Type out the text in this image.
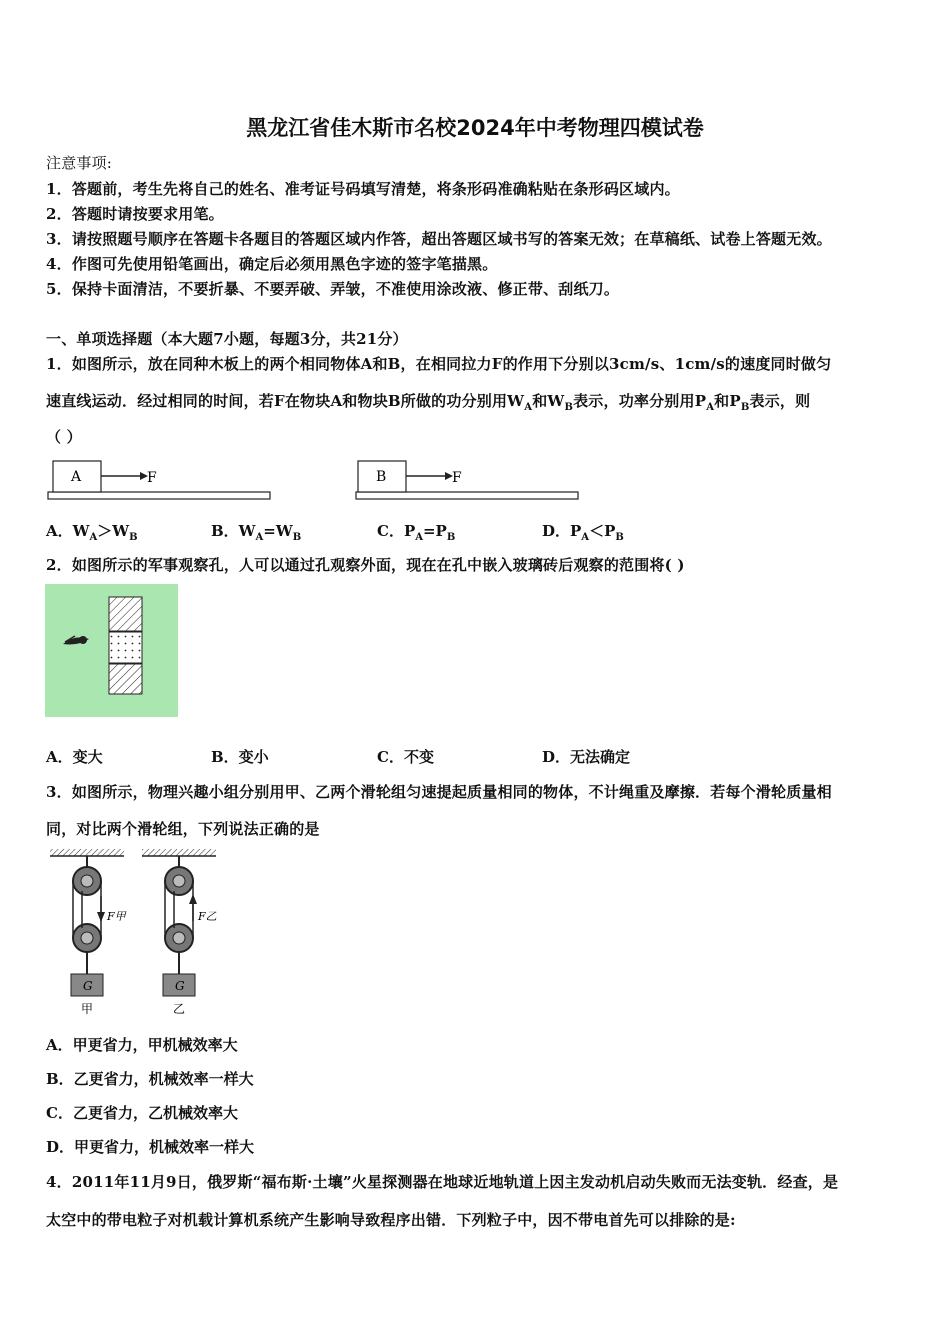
黑龙江省佳木斯市名校2024年中考物理四模试卷
注意事项:
1．答题前，考生先将自己的姓名、准考证号码填写清楚，将条形码准确粘贴在条形码区域内。
2．答题时请按要求用笔。
3．请按照题号顺序在答题卡各题目的答题区域内作答，超出答题区域书写的答案无效；在草稿纸、试卷上答题无效。
4．作图可先使用铅笔画出，确定后必须用黑色字迹的签字笔描黑。
5．保持卡面清洁，不要折暴、不要弄破、弄皱，不准使用涂改液、修正带、刮纸刀。
一、单项选择题（本大题7小题，每题3分，共21分）
1．如图所示，放在同种木板上的两个相同物体A和B，在相同拉力F的作用下分别以3cm/s、1cm/s的速度同时做匀
速直线运动．经过相同的时间，若F在物块A和物块B所做的功分别用$W_A$和$W_B$表示，功率分别用$P_A$和$P_B$表示，则
（ ）
A	F	B	F
A．$W_A>W_B$	B．$W_A=W_B$	C．$P_A=P_B$	D．$P_A<P_B$
2．如图所示的军事观察孔，人可以通过孔观察外面，现在在孔中嵌入玻璃砖后观察的范围将( )
A．变大	B．变小	C．不变	D．无法确定
3．如图所示，物理兴趣小组分别用甲、乙两个滑轮组匀速提起质量相同的物体，不计绳重及摩擦．若每个滑轮质量相
同，对比两个滑轮组，下列说法正确的是
F甲
G
甲
F乙
G
乙
A．甲更省力，甲机械效率大
B．乙更省力，机械效率一样大
C．乙更省力，乙机械效率大
D．甲更省力，机械效率一样大
4．2011年11月9日，俄罗斯“福布斯·土壤”火星探测器在地球近地轨道上因主发动机启动失败而无法变轨．经查，是
太空中的带电粒子对机载计算机系统产生影响导致程序出错．下列粒子中，因不带电首先可以排除的是:
